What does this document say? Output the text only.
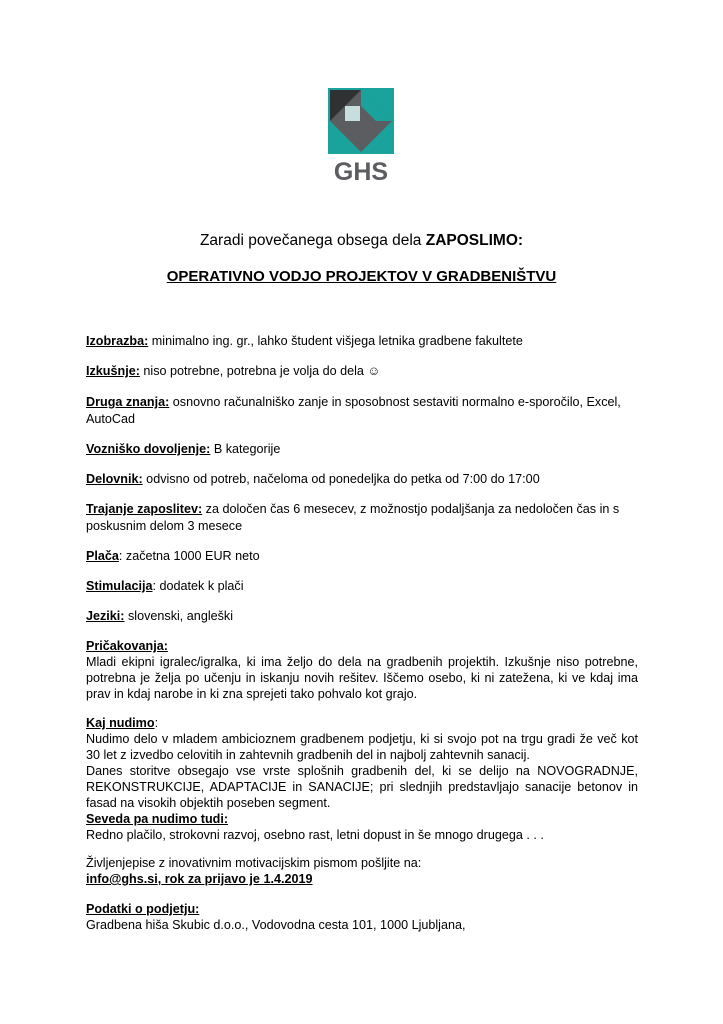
GHS
Zaradi povečanega obsega dela ZAPOSLIMO:
OPERATIVNO VODJO PROJEKTOV V GRADBENIŠTVU
Izobrazba: minimalno ing. gr., lahko študent višjega letnika gradbene fakultete
Izkušnje: niso potrebne, potrebna je volja do dela ☺
Druga znanja: osnovno računalniško zanje in sposobnost sestaviti normalno e-sporočilo, Excel, AutoCad
Vozniško dovoljenje: B kategorije
Delovnik: odvisno od potreb, načeloma od ponedeljka do petka od 7:00 do 17:00
Trajanje zaposlitev: za določen čas 6 mesecev, z možnostjo podaljšanja za nedoločen čas in s poskusnim delom 3 mesece
Plača: začetna 1000 EUR neto
Stimulacija: dodatek k plači
Jeziki: slovenski, angleški

Pričakovanja:

Mladi ekipni igralec/igralka, ki ima željo do dela na gradbenih projektih. Izkušnje niso potrebne, potrebna je želja po učenju in iskanju novih rešitev. Iščemo osebo, ki ni zatežena, ki ve kdaj ima prav in kdaj narobe in ki zna sprejeti tako pohvalo kot grajo.

Kaj nudimo:

Nudimo delo v mladem ambicioznem gradbenem podjetju, ki si svojo pot na trgu gradi že več kot 30 let z izvedbo celovitih in zahtevnih gradbenih del in najbolj zahtevnih sanacij.

Danes storitve obsegajo vse vrste splošnih gradbenih del, ki se delijo na NOVOGRADNJE, REKONSTRUKCIJE, ADAPTACIJE in SANACIJE; pri slednjih predstavljajo sanacije betonov in fasad na visokih objektih poseben segment.

Seveda pa nudimo tudi:

Redno plačilo, strokovni razvoj, osebno rast, letni dopust in še mnogo drugega . . .

Življenjepise z inovativnim motivacijskim pismom pošljite na:

info@ghs.si, rok za prijavo je 1.4.2019

Podatki o podjetju:

Gradbena hiša Skubic d.o.o., Vodovodna cesta 101, 1000 Ljubljana,
